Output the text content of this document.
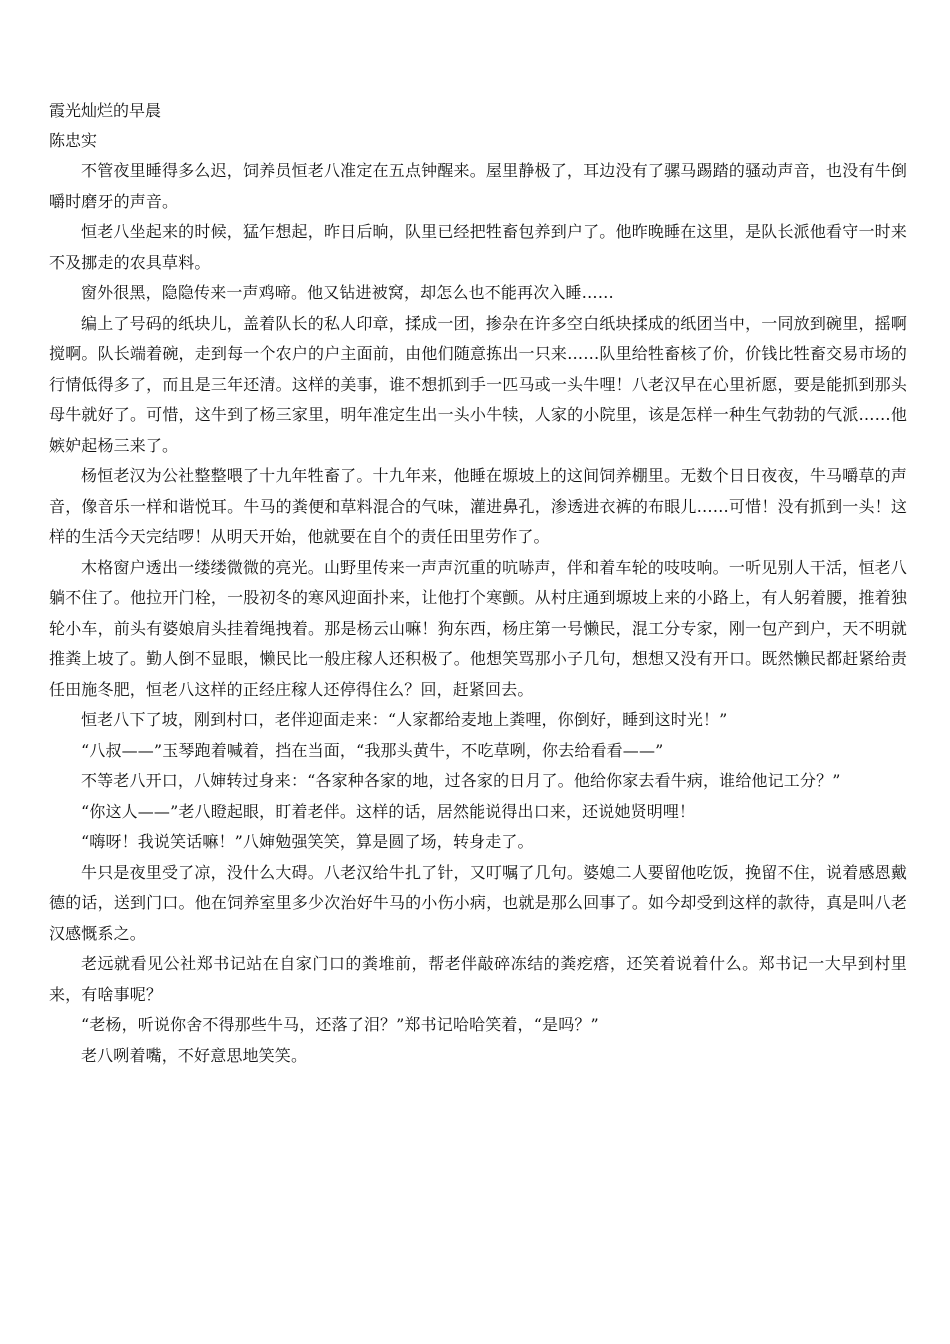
霞光灿烂的早晨

陈忠实

不管夜里睡得多么迟，饲养员恒老八准定在五点钟醒来。屋里静极了，耳边没有了骡马踢踏的骚动声音，也没有牛倒嚼时磨牙的声音。

恒老八坐起来的时候，猛乍想起，昨日后晌，队里已经把牲畜包养到户了。他昨晚睡在这里，是队长派他看守一时来不及挪走的农具草料。

窗外很黑，隐隐传来一声鸡啼。他又钻进被窝，却怎么也不能再次入睡……

编上了号码的纸块儿，盖着队长的私人印章，揉成一团，掺杂在许多空白纸块揉成的纸团当中，一同放到碗里，摇啊搅啊。队长端着碗，走到每一个农户的户主面前，由他们随意拣出一只来……队里给牲畜核了价，价钱比牲畜交易市场的行情低得多了，而且是三年还清。这样的美事，谁不想抓到手一匹马或一头牛哩！八老汉早在心里祈愿，要是能抓到那头母牛就好了。可惜，这牛到了杨三家里，明年准定生出一头小牛犊，人家的小院里，该是怎样一种生气勃勃的气派……他嫉妒起杨三来了。

杨恒老汉为公社整整喂了十九年牲畜了。十九年来，他睡在塬坡上的这间饲养棚里。无数个日日夜夜，牛马嚼草的声音，像音乐一样和谐悦耳。牛马的粪便和草料混合的气味，灌进鼻孔，渗透进衣裤的布眼儿……可惜！没有抓到一头！这样的生活今天完结啰！从明天开始，他就要在自个的责任田里劳作了。

木格窗户透出一缕缕微微的亮光。山野里传来一声声沉重的吭哧声，伴和着车轮的吱吱响。一听见别人干活，恒老八躺不住了。他拉开门栓，一股初冬的寒风迎面扑来，让他打个寒颤。从村庄通到塬坡上来的小路上，有人躬着腰，推着独轮小车，前头有婆娘肩头挂着绳拽着。那是杨云山嘛！狗东西，杨庄第一号懒民，混工分专家，刚一包产到户，天不明就推粪上坡了。勤人倒不显眼，懒民比一般庄稼人还积极了。他想笑骂那小子几句，想想又没有开口。既然懒民都赶紧给责任田施冬肥，恒老八这样的正经庄稼人还停得住么？回，赶紧回去。

恒老八下了坡，刚到村口，老伴迎面走来：“人家都给麦地上粪哩，你倒好，睡到这时光！”

“八叔——”玉琴跑着喊着，挡在当面，“我那头黄牛，不吃草咧，你去给看看——”

不等老八开口，八婶转过身来：“各家种各家的地，过各家的日月了。他给你家去看牛病，谁给他记工分？”

“你这人——”老八瞪起眼，盯着老伴。这样的话，居然能说得出口来，还说她贤明哩！

“嗨呀！我说笑话嘛！”八婶勉强笑笑，算是圆了场，转身走了。

牛只是夜里受了凉，没什么大碍。八老汉给牛扎了针，又叮嘱了几句。婆媳二人要留他吃饭，挽留不住，说着感恩戴德的话，送到门口。他在饲养室里多少次治好牛马的小伤小病，也就是那么回事了。如今却受到这样的款待，真是叫八老汉感慨系之。

老远就看见公社郑书记站在自家门口的粪堆前，帮老伴敲碎冻结的粪疙瘩，还笑着说着什么。郑书记一大早到村里来，有啥事呢？

“老杨，听说你舍不得那些牛马，还落了泪？”郑书记哈哈笑着，“是吗？”

老八咧着嘴，不好意思地笑笑。
